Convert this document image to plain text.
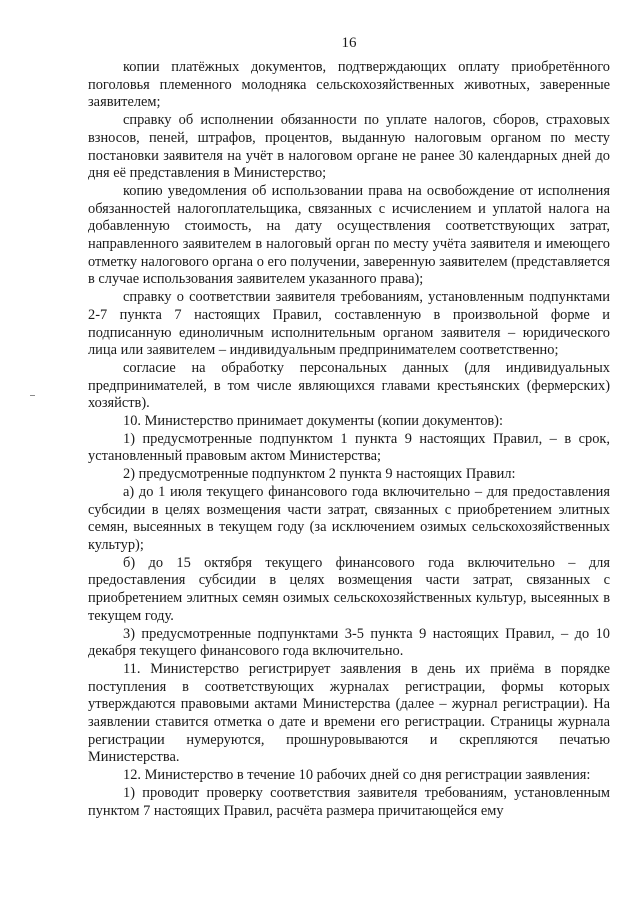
16

копии платёжных документов, подтверждающих оплату приобретённого поголовья племенного молодняка сельскохозяйственных животных, заверенные заявителем;

справку об исполнении обязанности по уплате налогов, сборов, страховых взносов, пеней, штрафов, процентов, выданную налоговым органом по месту постановки заявителя на учёт в налоговом органе не ранее 30 календарных дней до дня её представления в Министерство;

копию уведомления об использовании права на освобождение от исполнения обязанностей налогоплательщика, связанных с исчислением и уплатой налога на добавленную стоимость, на дату осуществления соответствующих затрат, направленного заявителем в налоговый орган по месту учёта заявителя и имеющего отметку налогового органа о его получении, заверенную заявителем (представляется в случае использования заявителем указанного права);

справку о соответствии заявителя требованиям, установленным подпунктами 2-7 пункта 7 настоящих Правил, составленную в произвольной форме и подписанную единоличным исполнительным органом заявителя – юридического лица или заявителем – индивидуальным предпринимателем соответственно;

согласие на обработку персональных данных (для индивидуальных предпринимателей, в том числе являющихся главами крестьянских (фермерских) хозяйств).

10. Министерство принимает документы (копии документов):

1) предусмотренные подпунктом 1 пункта 9 настоящих Правил, – в срок, установленный правовым актом Министерства;

2) предусмотренные подпунктом 2 пункта 9 настоящих Правил:

а) до 1 июля текущего финансового года включительно – для предоставления субсидии в целях возмещения части затрат, связанных с приобретением элитных семян, высеянных в текущем году (за исключением озимых сельскохозяйственных культур);

б) до 15 октября текущего финансового года включительно – для предоставления субсидии в целях возмещения части затрат, связанных с приобретением элитных семян озимых сельскохозяйственных культур, высеянных в текущем году.

3) предусмотренные подпунктами 3-5 пункта 9 настоящих Правил, – до 10 декабря текущего финансового года включительно.

11. Министерство регистрирует заявления в день их приёма в порядке поступления в соответствующих журналах регистрации, формы которых утверждаются правовыми актами Министерства (далее – журнал регистрации). На заявлении ставится отметка о дате и времени его регистрации. Страницы журнала регистрации нумеруются, прошнуровываются и скрепляются печатью Министерства.

12. Министерство в течение 10 рабочих дней со дня регистрации заявления:

1) проводит проверку соответствия заявителя требованиям, установленным пунктом 7 настоящих Правил, расчёта размера причитающейся ему
